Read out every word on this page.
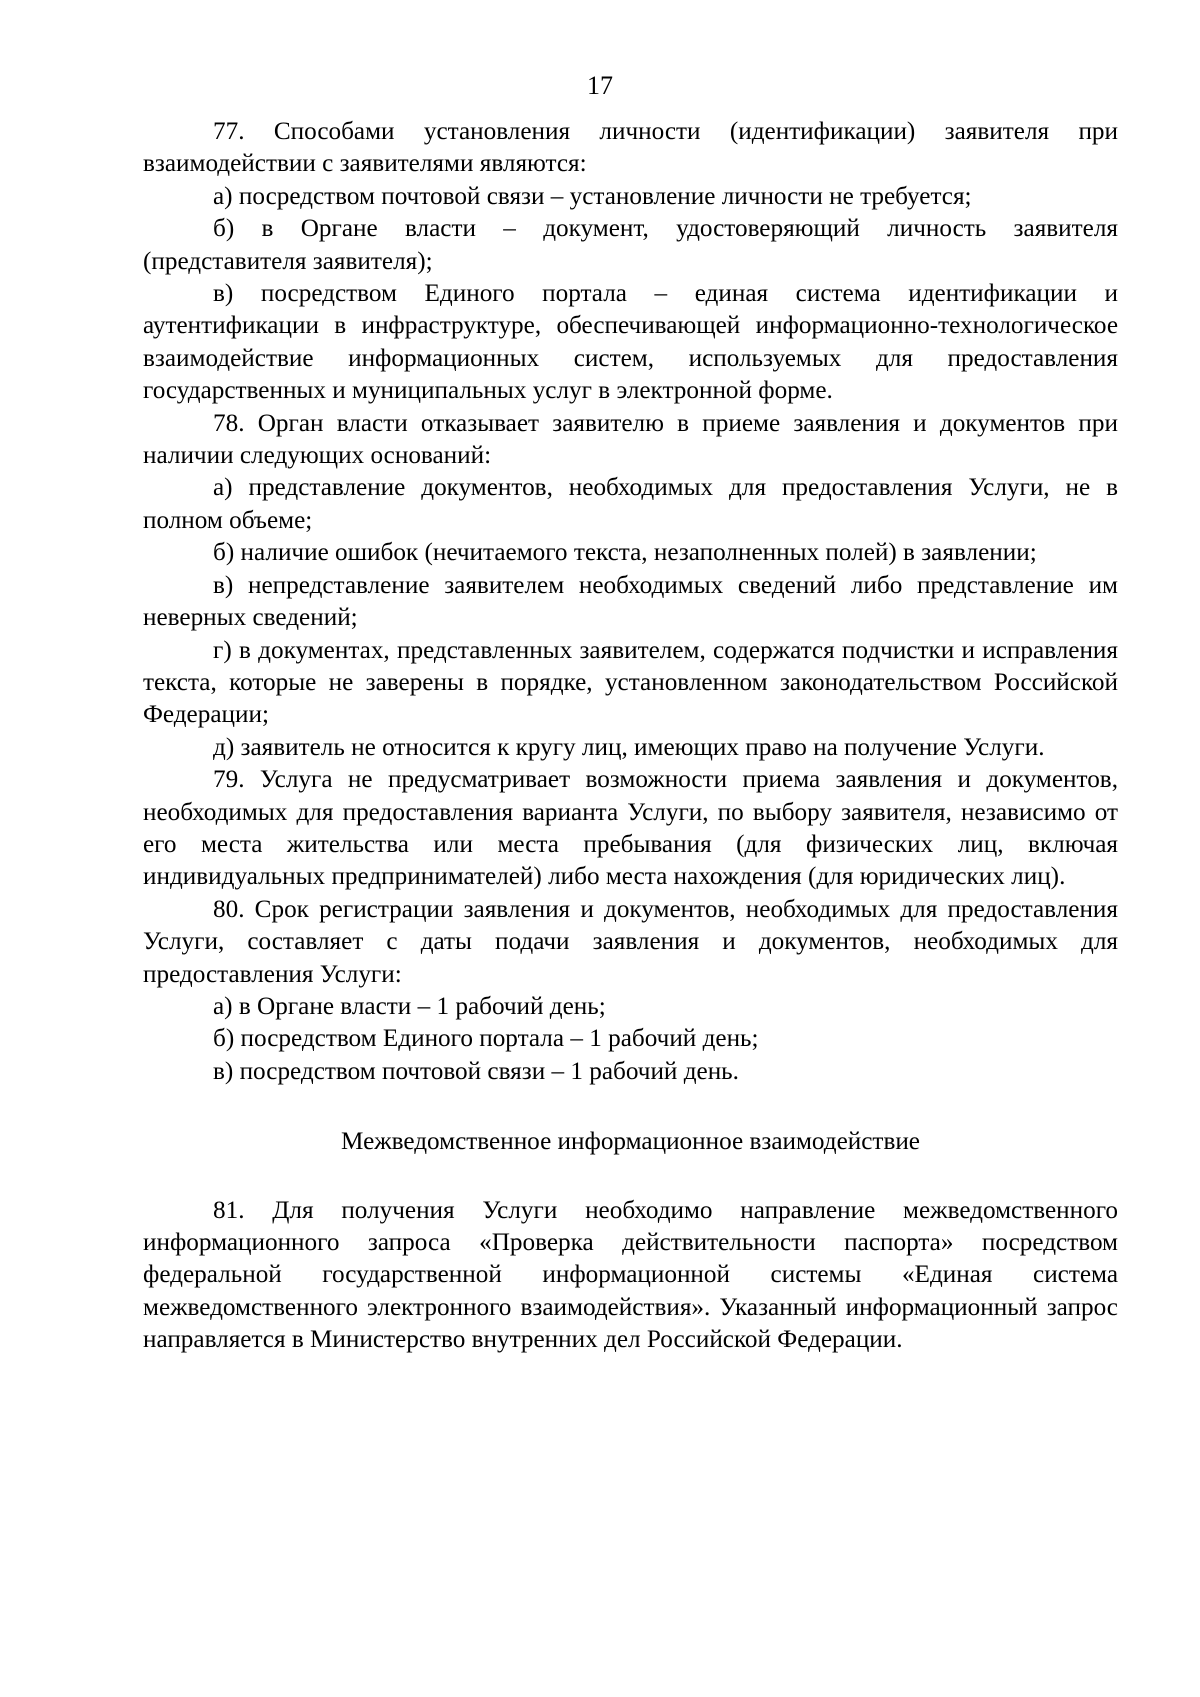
17

77. Способами установления личности (идентификации) заявителя при взаимодействии с заявителями являются:

а) посредством почтовой связи – установление личности не требуется;

б) в Органе власти – документ, удостоверяющий личность заявителя (представителя заявителя);

в) посредством Единого портала – единая система идентификации и аутентификации в инфраструктуре, обеспечивающей информационно-технологическое взаимодействие информационных систем, используемых для предоставления государственных и муниципальных услуг в электронной форме.

78. Орган власти отказывает заявителю в приеме заявления и документов при наличии следующих оснований:

а) представление документов, необходимых для предоставления Услуги, не в полном объеме;

б) наличие ошибок (нечитаемого текста, незаполненных полей) в заявлении;

в) непредставление заявителем необходимых сведений либо представление им неверных сведений;

г) в документах, представленных заявителем, содержатся подчистки и исправления текста, которые не заверены в порядке, установленном законодательством Российской Федерации;

д) заявитель не относится к кругу лиц, имеющих право на получение Услуги.

79. Услуга не предусматривает возможности приема заявления и документов, необходимых для предоставления варианта Услуги, по выбору заявителя, независимо от его места жительства или места пребывания (для физических лиц, включая индивидуальных предпринимателей) либо места нахождения (для юридических лиц).

80. Срок регистрации заявления и документов, необходимых для предоставления Услуги, составляет с даты подачи заявления и документов, необходимых для предоставления Услуги:

а) в Органе власти – 1 рабочий день;

б) посредством Единого портала – 1 рабочий день;

в) посредством почтовой связи – 1 рабочий день.

Межведомственное информационное взаимодействие

81. Для получения Услуги необходимо направление межведомственного информационного запроса «Проверка действительности паспорта» посредством федеральной государственной информационной системы «Единая система межведомственного электронного взаимодействия». Указанный информационный запрос направляется в Министерство внутренних дел Российской Федерации.
